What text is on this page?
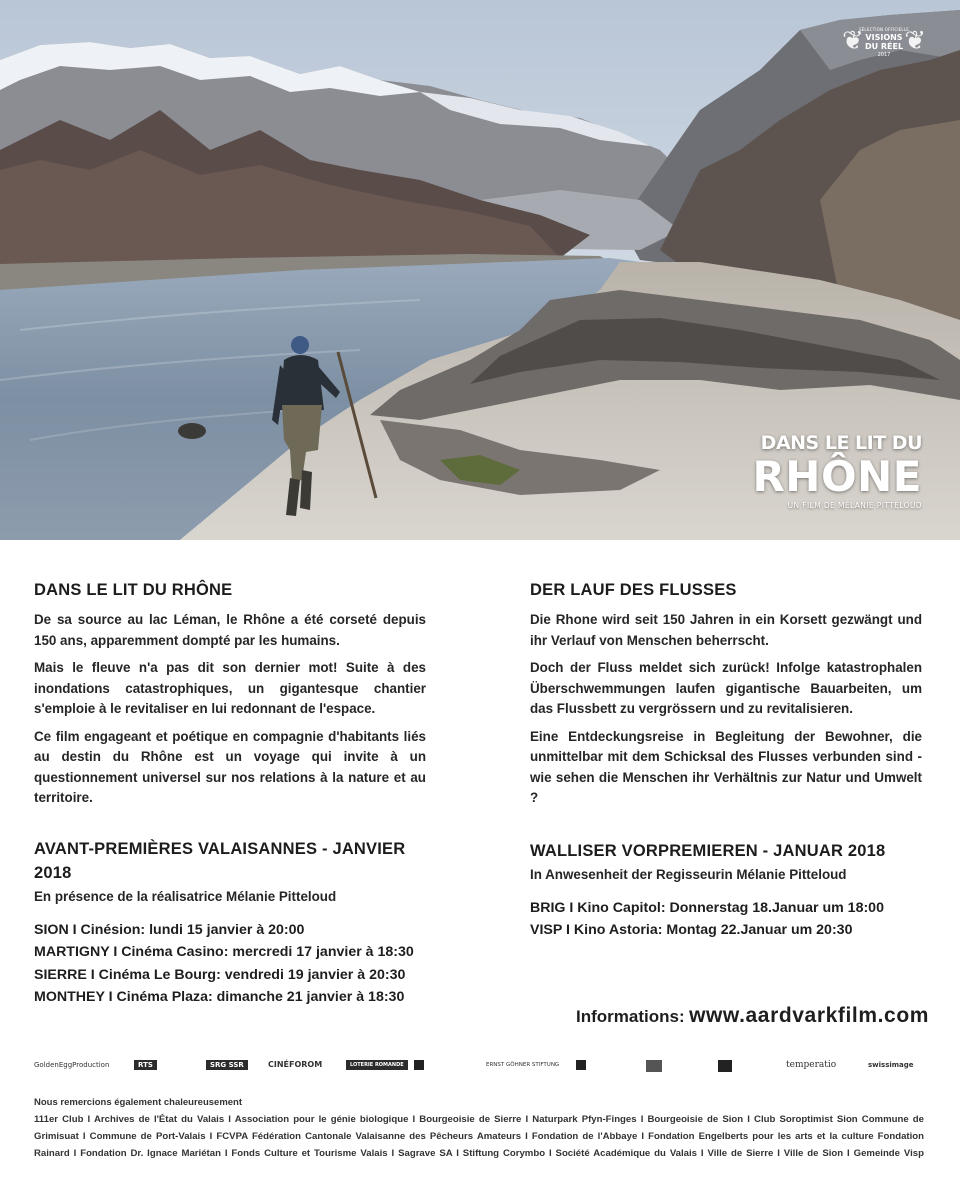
❦ ❦
SÉLECTION OFFICIELLE
VISIONS
DU RÉEL
2017
DANS LE LIT DU
RHÔNE
UN FILM DE MÉLANIE PITTELOUD
DANS LE LIT DU RHÔNE

De sa source au lac Léman, le Rhône a été corseté depuis 150 ans, apparemment dompté par les humains.

Mais le fleuve n'a pas dit son dernier mot! Suite à des inondations catastrophiques, un gigantesque chantier s'emploie à le revitaliser en lui redonnant de l'espace.

Ce film engageant et poétique en compagnie d'habitants liés au destin du Rhône est un voyage qui invite à un questionnement universel sur nos relations à la nature et au territoire.

AVANT-PREMIÈRES VALAISANNES - JANVIER 2018

En présence de la réalisatrice Mélanie Pitteloud

SION I Cinésion: lundi 15 janvier à 20:00

MARTIGNY I Cinéma Casino: mercredi 17 janvier à 18:30

SIERRE I Cinéma Le Bourg: vendredi 19 janvier à 20:30

MONTHEY I Cinéma Plaza: dimanche 21 janvier à 18:30

DER LAUF DES FLUSSES

Die Rhone wird seit 150 Jahren in ein Korsett gezwängt und ihr Verlauf von Menschen beherrscht.

Doch der Fluss meldet sich zurück! Infolge katastrophalen Überschwemmungen laufen gigantische Bauarbeiten, um das Flussbett zu vergrössern und zu revitalisieren.

Eine Entdeckungsreise in Begleitung der Bewohner, die unmittelbar mit dem Schicksal des Flusses verbunden sind - wie sehen die Menschen ihr Verhältnis zur Natur und Umwelt ?

WALLISER VORPREMIEREN - JANUAR 2018

In Anwesenheit der Regisseurin Mélanie Pitteloud

BRIG I Kino Capitol: Donnerstag 18.Januar um 18:00

VISP I Kino Astoria: Montag 22.Januar um 20:30

Informations: www.aardvarkfilm.com
GoldenEggProduction	RTS	SRG SSR	CINÉFOROM	LOTERIE ROMANDE	ERNST GÖHNER STIFTUNG	temperatio	swissimage

Nous remercions également chaleureusement

111er Club I Archives de l'État du Valais I Association pour le génie biologique I Bourgeoisie de Sierre I Naturpark Pfyn-Finges I Bourgeoisie de Sion I Club Soroptimist Sion Commune de Grimisuat I Commune de Port-Valais I FCVPA Fédération Cantonale Valaisanne des Pêcheurs Amateurs I Fondation de l'Abbaye I Fondation Engelberts pour les arts et la culture Fondation Rainard I Fondation Dr. Ignace Mariétan I Fonds Culture et Tourisme Valais I Sagrave SA I Stiftung Corymbo I Société Académique du Valais I Ville de Sierre I Ville de Sion I Gemeinde Visp
